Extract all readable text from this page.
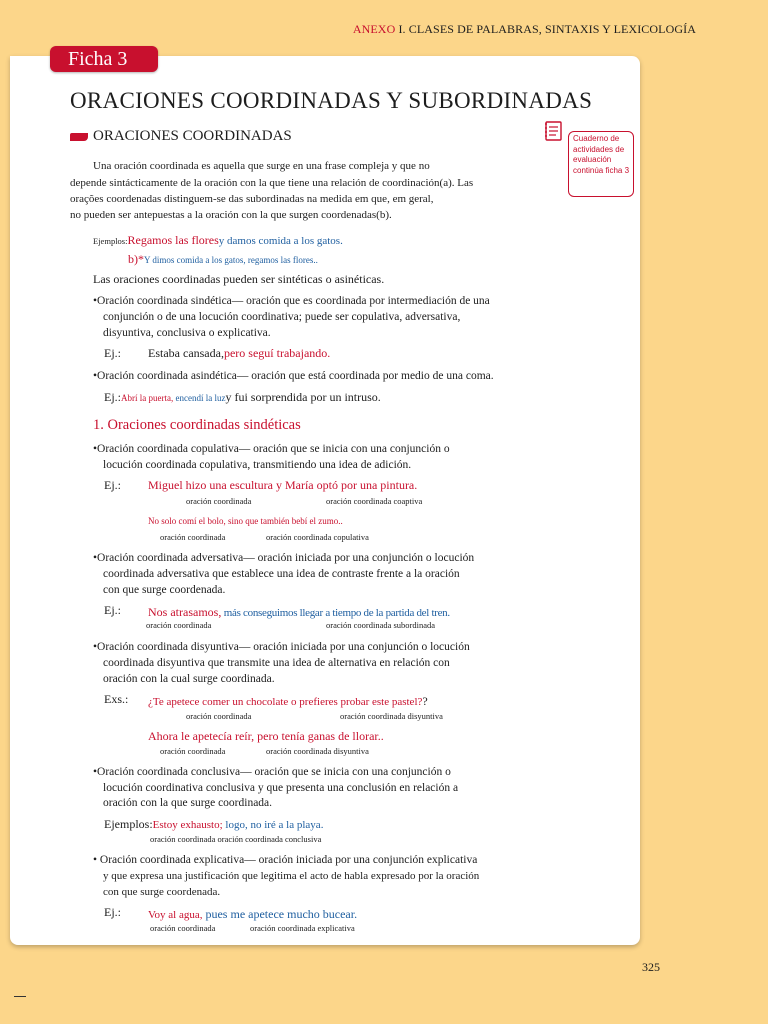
ANEXO I. CLASES DE PALABRAS, SINTAXIS Y LEXICOLOGÍA
Ficha 3
ORACIONES COORDINADAS Y SUBORDINADAS
ORACIONES COORDINADAS	Cuaderno de actividades de evaluación continúa ficha 3
Una oración coordinada es aquella que surge en una frase compleja y que no
depende sintácticamente de la oración con la que tiene una relación de coordinación(a). Las
orações coordenadas distinguem-se das subordinadas na medida em que, em geral,
no pueden ser antepuestas a la oración con la que surgen coordenadas(b).
Ejemplos:Regamos las floresy damos comida a los gatos.
b)*Y dimos comida a los gatos, regamos las flores..
Las oraciones coordinadas pueden ser sintéticas o asinéticas.
•Oración coordinada sindética— oración que es coordinada por intermediación de una
conjunción o de una locución coordinativa; puede ser copulativa, adversativa,
disyuntiva, conclusiva o explicativa.
Ej.: Estaba cansada,pero seguí trabajando.
•Oración coordinada asindética— oración que está coordinada por medio de una coma.
Ej.:Abrí la puerta, encendí la luzy fui sorprendida por un intruso.
1. Oraciones coordinadas sindéticas
•Oración coordinada copulativa— oración que se inicia con una conjunción o
locución coordinada copulativa, transmitiendo una idea de adición.
Ej.: Miguel hizo una escultura y María optó por una pintura.
oración coordinada	oración coordinada coaptiva
No solo comí el bolo, sino que también bebí el zumo..
oración coordinada	oración coordinada copulativa
•Oración coordinada adversativa— oración iniciada por una conjunción o locución
coordinada adversativa que establece una idea de contraste frente a la oración
con que surge coordenada.
Ej.: Nos atrasamos, más conseguimos llegar a tiempo de la partida del tren.
oración coordinada	oración coordinada subordinada
•Oración coordinada disyuntiva— oración iniciada por una conjunción o locución
coordinada disyuntiva que transmite una idea de alternativa en relación con
oración con la cual surge coordinada.
Exs.: ¿Te apetece comer un chocolate o prefieres probar este pastel??
oración coordinada	oración coordinada disyuntiva
Ahora le apetecía reír, pero tenía ganas de llorar..
oración coordinada	oración coordinada disyuntiva
•Oración coordinada conclusiva— oración que se inicia con una conjunción o
locución coordinativa conclusiva y que presenta una conclusión en relación a
oración con la que surge coordinada.
Ejemplos:Estoy exhausto; logo, no iré a la playa.
oración coordinada oración coordinada conclusiva
• Oración coordinada explicativa— oración iniciada por una conjunción explicativa
y que expresa una justificación que legitima el acto de habla expresado por la oración
con que surge coordenada.
Ej.: Voy al agua, pues me apetece mucho bucear.
oración coordinada	oración coordinada explicativa
325
